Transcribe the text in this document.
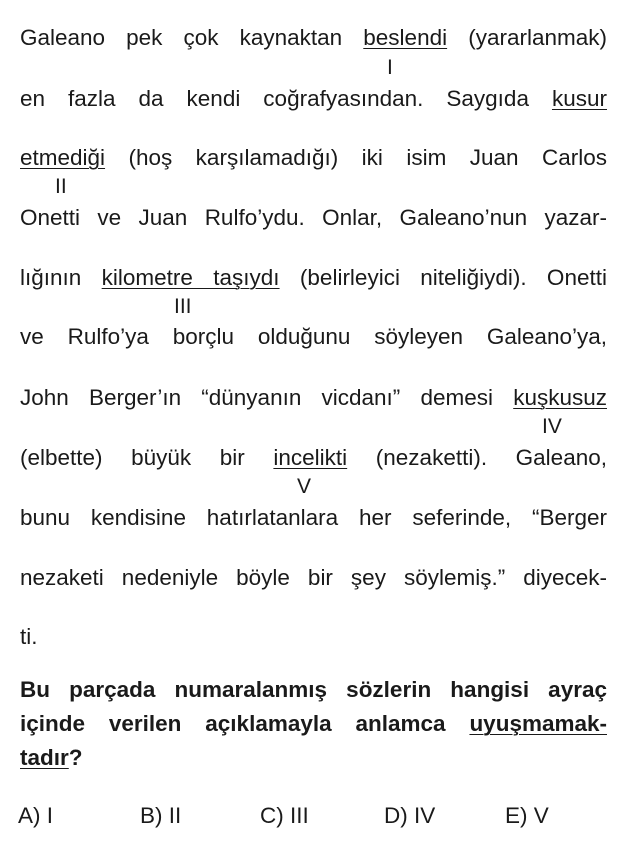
Galeano pek çok kaynaktan beslendi (yararlanmak)
I
en fazla da kendi coğrafyasından. Saygıda kusur
etmediği (hoş karşılamadığı) iki isim Juan Carlos
II
Onetti ve Juan Rulfo’ydu. Onlar, Galeano’nun yazar-
lığının kilometre taşıydı (belirleyici niteliğiydi). Onetti
III
ve Rulfo’ya borçlu olduğunu söyleyen Galeano’ya,
John Berger’ın “dünyanın vicdanı” demesi kuşkusuz
IV
(elbette) büyük bir incelikti (nezaketti). Galeano,
V
bunu kendisine hatırlatanlara her seferinde, “Berger
nezaketi nedeniyle böyle bir şey söylemiş.” diyecek-
ti.
Bu parçada numaralanmış sözlerin hangisi ayraç
içinde verilen açıklamayla anlamca uyuşmamak-
tadır?
A) I	B) II	C) III	D) IV	E) V
